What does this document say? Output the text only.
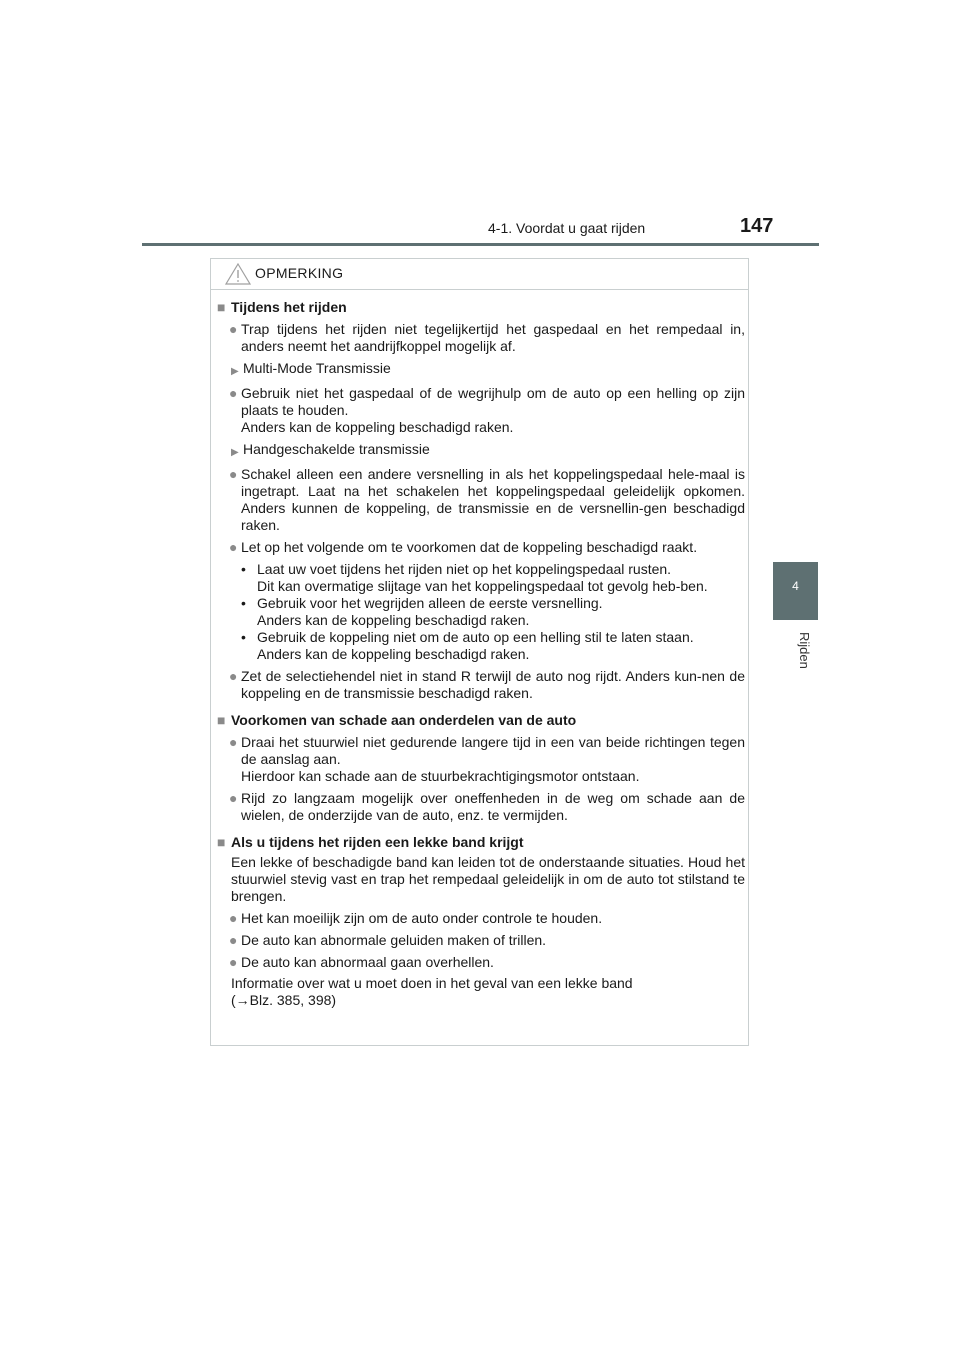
4-1. Voordat u gaat rijden	147
4
Rijden
OPMERKING
■ Tijdens het rijden
● Trap tijdens het rijden niet tegelijkertijd het gaspedaal en het rempedaal in, anders neemt het aandrijfkoppel mogelijk af.
▶ Multi-Mode Transmissie
● Gebruik niet het gaspedaal of de wegrijhulp om de auto op een helling op zijn plaats te houden.
Anders kan de koppeling beschadigd raken.
▶ Handgeschakelde transmissie
● Schakel alleen een andere versnelling in als het koppelingspedaal hele-maal is ingetrapt. Laat na het schakelen het koppelingspedaal geleidelijk opkomen. Anders kunnen de koppeling, de transmissie en de versnellin-gen beschadigd raken.
● Let op het volgende om te voorkomen dat de koppeling beschadigd raakt.
• Laat uw voet tijdens het rijden niet op het koppelingspedaal rusten.
Dit kan overmatige slijtage van het koppelingspedaal tot gevolg heb-ben.
• Gebruik voor het wegrijden alleen de eerste versnelling.
Anders kan de koppeling beschadigd raken.
• Gebruik de koppeling niet om de auto op een helling stil te laten staan.
Anders kan de koppeling beschadigd raken.
● Zet de selectiehendel niet in stand R terwijl de auto nog rijdt. Anders kun-nen de koppeling en de transmissie beschadigd raken.
■ Voorkomen van schade aan onderdelen van de auto
● Draai het stuurwiel niet gedurende langere tijd in een van beide richtingen tegen de aanslag aan.
Hierdoor kan schade aan de stuurbekrachtigingsmotor ontstaan.
● Rijd zo langzaam mogelijk over oneffenheden in de weg om schade aan de wielen, de onderzijde van de auto, enz. te vermijden.
■ Als u tijdens het rijden een lekke band krijgt
Een lekke of beschadigde band kan leiden tot de onderstaande situaties. Houd het stuurwiel stevig vast en trap het rempedaal geleidelijk in om de auto tot stilstand te brengen.
● Het kan moeilijk zijn om de auto onder controle te houden.
● De auto kan abnormale geluiden maken of trillen.
● De auto kan abnormaal gaan overhellen.
Informatie over wat u moet doen in het geval van een lekke band
(→Blz. 385, 398)
